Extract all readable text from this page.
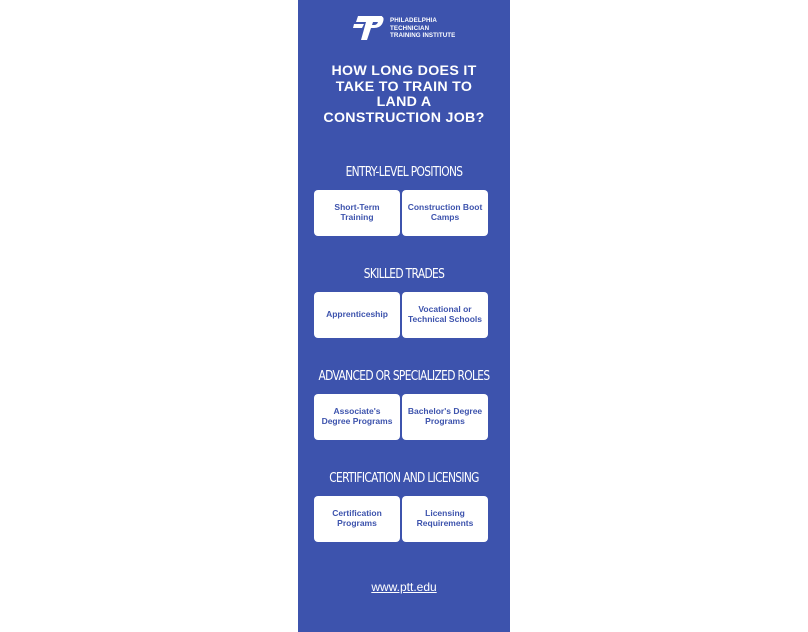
PHILADELPHIA
TECHNICIAN
TRAINING INSTITUTE
HOW LONG DOES IT
TAKE TO TRAIN TO
LAND A
CONSTRUCTION JOB?
ENTRY-LEVEL POSITIONS
Short-Term Training
Construction Boot Camps
SKILLED TRADES
Apprenticeship	Vocational or Technical Schools
ADVANCED OR SPECIALIZED ROLES
Associate's Degree Programs
Bachelor's Degree Programs
CERTIFICATION AND LICENSING
Certification Programs
Licensing Requirements
www.ptt.edu
